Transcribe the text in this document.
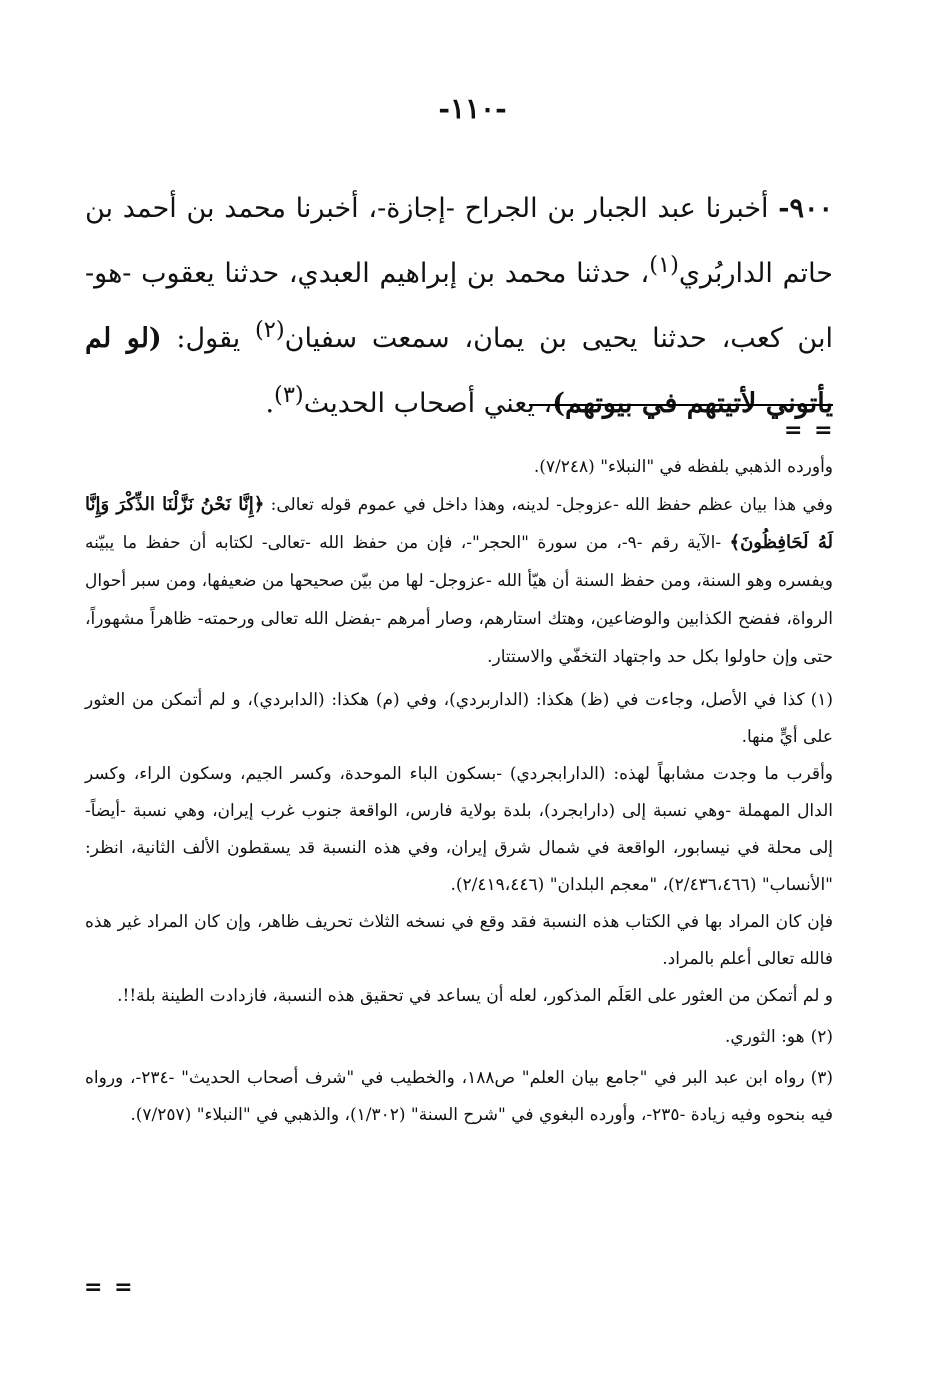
-١١٠-
٩٠٠- أخبرنا عبد الجبار بن الجراح -إجازة-، أخبرنا محمد بن أحمد بن حاتم الداربُري$^{(١)}$، حدثنا محمد بن إبراهيم العبدي، حدثنا يعقوب -هو- ابن كعب، حدثنا يحيى بن يمان، سمعت سفيان$^{(٢)}$ يقول: (لو لم يأتوني لأتيتهم في بيوتهم)، يعني أصحاب الحديث$^{(٣)}$.
= =

وأورده الذهبي بلفظه في "النبلاء" (٧/٢٤٨).

وفي هذا بيان عظم حفظ الله -عزوجل- لدينه، وهذا داخل في عموم قوله تعالى: ﴿إِنَّا نَحْنُ نَزَّلْنَا الذِّكْرَ وَإِنَّا لَهُ لَحَافِظُونَ﴾ -الآية رقم -٩-، من سورة "الحجر"-، فإن من حفظ الله -تعالى- لكتابه أن حفظ ما يبيّنه ويفسره وهو السنة، ومن حفظ السنة أن هيّأ الله -عزوجل- لها من بيّن صحيحها من ضعيفها، ومن سبر أحوال الرواة، ففضح الكذابين والوضاعين، وهتك استارهم، وصار أمرهم -بفضل الله تعالى ورحمته- ظاهراً مشهوراً، حتى وإن حاولوا بكل حد واجتهاد التخفّي والاستتار.

(١)كذا في الأصل، وجاءت في (ظ) هكذا: (الداربردي)، وفي (م) هكذا: (الدابردي)، و لم أتمكن من العثور على أيٍّ منها.

وأقرب ما وجدت مشابهاً لهذه: (الدارابجردي) -بسكون الباء الموحدة، وكسر الجيم، وسكون الراء، وكسر الدال المهملة -وهي نسبة إلى (دارابجرد)، بلدة بولاية فارس، الواقعة جنوب غرب إيران، وهي نسبة -أيضاً- إلى محلة في نيسابور، الواقعة في شمال شرق إيران، وفي هذه النسبة قد يسقطون الألف الثانية، انظر: "الأنساب" (٢/٤٣٦،٤٦٦)، "معجم البلدان" (٢/٤١٩،٤٤٦).

فإن كان المراد بها في الكتاب هذه النسبة فقد وقع في نسخه الثلاث تحريف ظاهر، وإن كان المراد غير هذه فالله تعالى أعلم بالمراد.

و لم أتمكن من العثور على العَلَم المذكور، لعله أن يساعد في تحقيق هذه النسبة، فازدادت الطينة بلة!!.

(٢)هو: الثوري.

(٣)رواه ابن عبد البر في "جامع بيان العلم" ص١٨٨، والخطيب في "شرف أصحاب الحديث" -٢٣٤-، ورواه فيه بنحوه وفيه زيادة -٢٣٥-، وأورده البغوي في "شرح السنة" (١/٣٠٢)، والذهبي في "النبلاء" (٧/٢٥٧).

= =
